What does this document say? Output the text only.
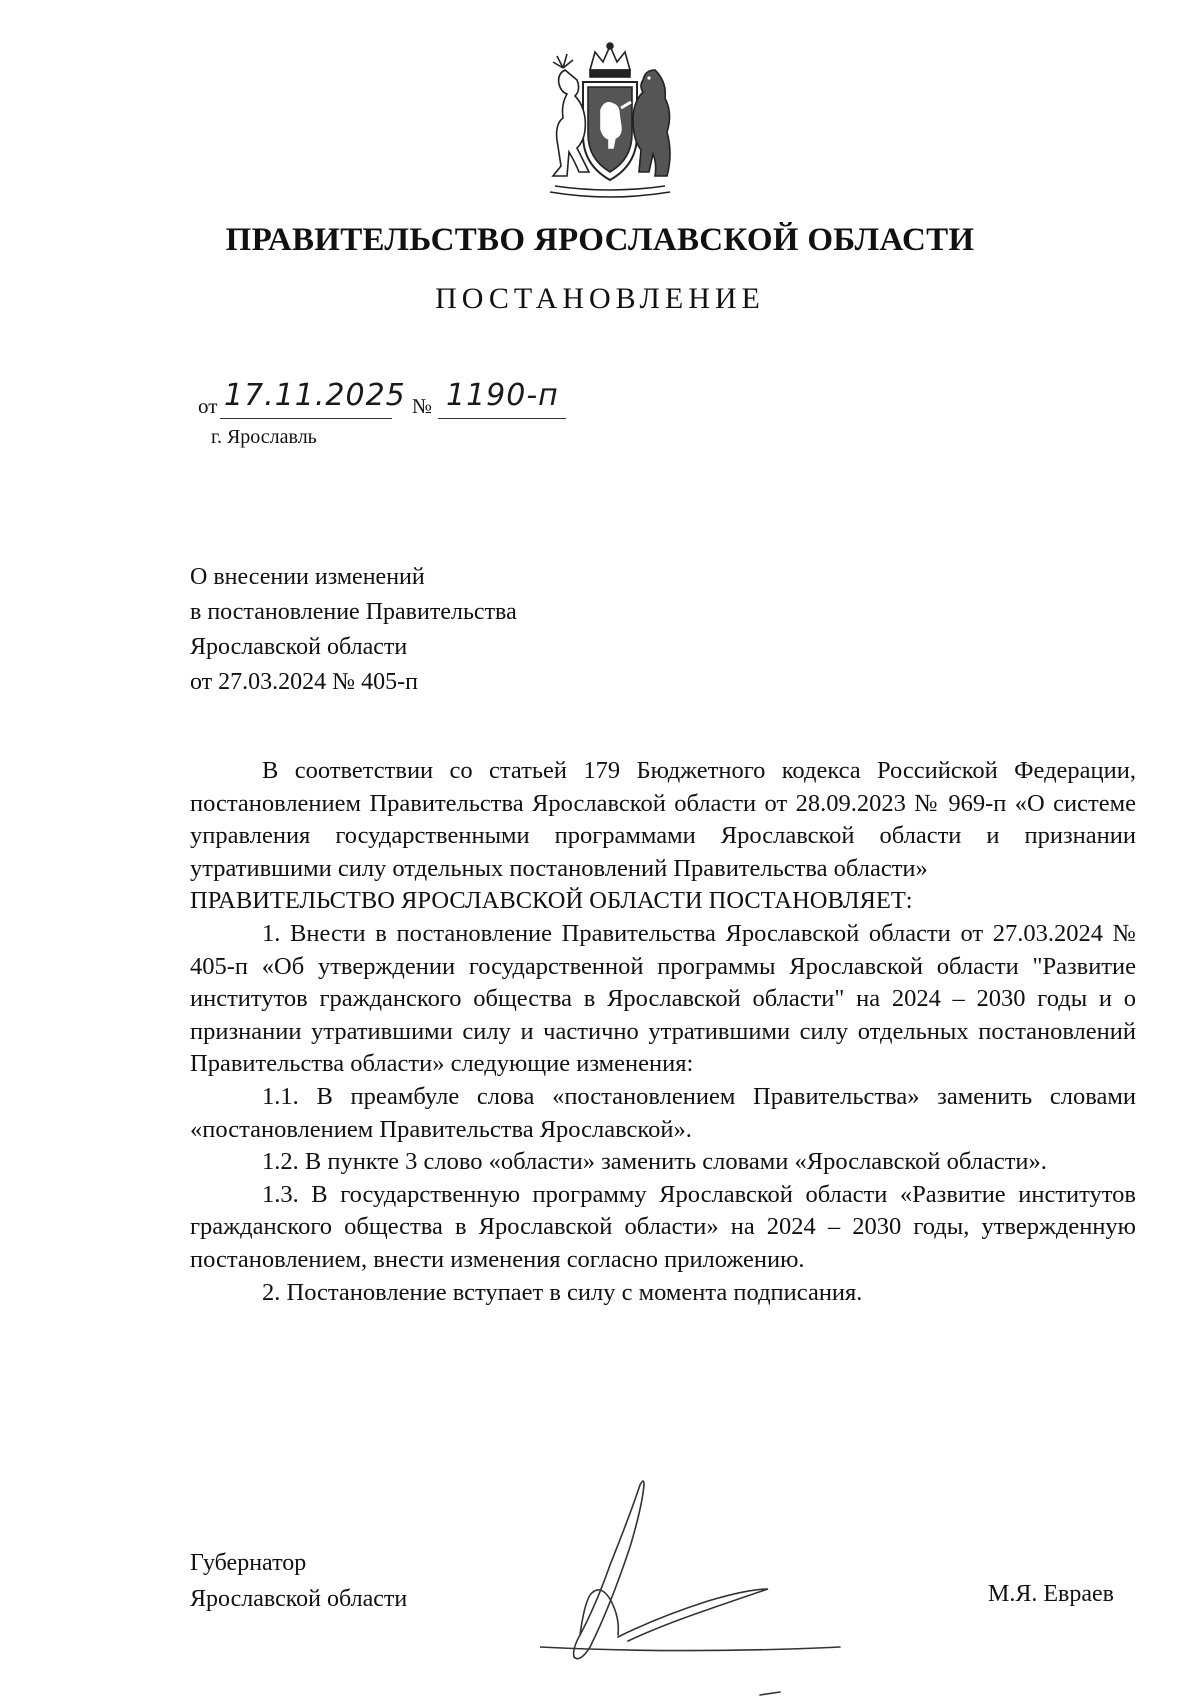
ПРАВИТЕЛЬСТВО ЯРОСЛАВСКОЙ ОБЛАСТИ
ПОСТАНОВЛЕНИЕ
от 17.11.2025 № 1190-п
г. Ярославль
О внесении изменений
в постановление Правительства
Ярославской области
от 27.03.2024 № 405-п

В соответствии со статьей 179 Бюджетного кодекса Российской Федерации, постановлением Правительства Ярославской области от 28.09.2023 № 969-п «О системе управления государственными программами Ярославской области и признании утратившими силу отдельных постановлений Правительства области»

ПРАВИТЕЛЬСТВО ЯРОСЛАВСКОЙ ОБЛАСТИ ПОСТАНОВЛЯЕТ:

1. Внести в постановление Правительства Ярославской области от 27.03.2024 № 405-п «Об утверждении государственной программы Ярославской области "Развитие институтов гражданского общества в Ярославской области" на 2024 – 2030 годы и о признании утратившими силу и частично утратившими силу отдельных постановлений Правительства области» следующие изменения:

1.1. В преамбуле слова «постановлением Правительства» заменить словами «постановлением Правительства Ярославской».

1.2. В пункте 3 слово «области» заменить словами «Ярославской области».

1.3. В государственную программу Ярославской области «Развитие институтов гражданского общества в Ярославской области» на 2024 – 2030 годы, утвержденную постановлением, внести изменения согласно приложению.

2. Постановление вступает в силу с момента подписания.

Губернатор
Ярославской области	М.Я. Евраев
